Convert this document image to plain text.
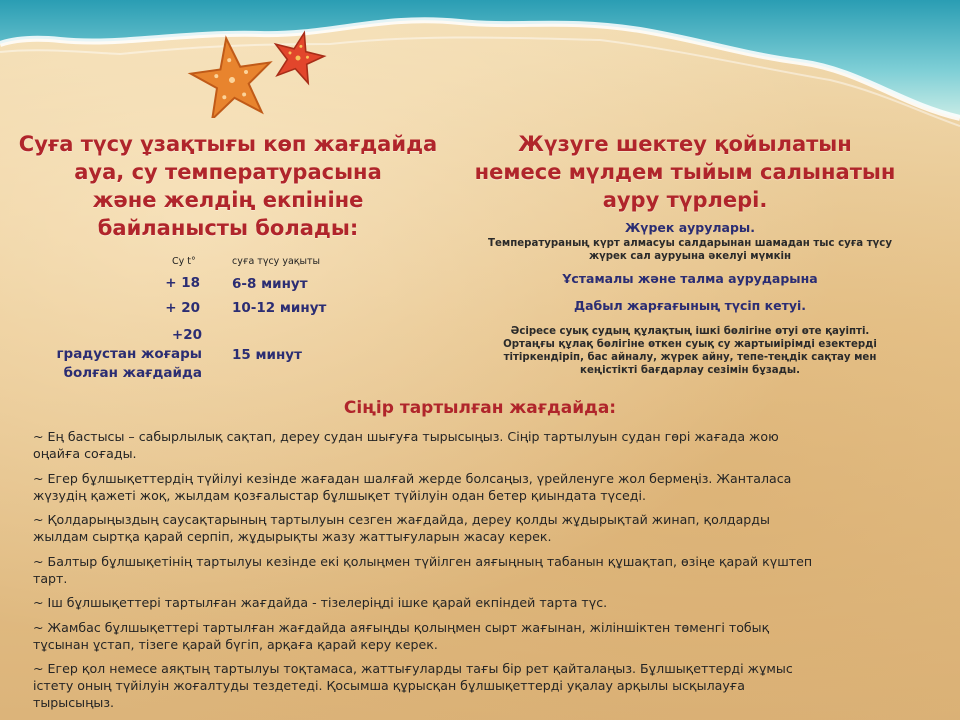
Суға түсу ұзақтығы көп жағдайда
ауа, су температурасына
және желдің екпініне
байланысты болады:
Су t°	суға түсу уақыты
+ 18 6-8 минут
+ 20 10-12 минут
+20
градустан жоғары
болған жағдайда
15 минут
Жүзуге шектеу қойылатын
немесе мүлдем тыйым салынатын
ауру түрлері.
Жүрек аурулары.
Температураның күрт алмасуы салдарынан шамадан тыс суға түсу
жүрек сал ауруына әкелуі мүмкін
Ұстамалы және талма аурударына
Дабыл жарғағының түсіп кетуі.
Әсіресе суық судың құлақтың ішкі бөлігіне өтуі өте қауіпті.
Ортаңғы құлақ бөлігіне өткен суық су жартыиірімді езектерді
тітіркендіріп, бас айналу, жүрек айну, тепе-теңдік сақтау мен
кеңістікті бағдарлау сезімін бұзады.
Сіңір тартылған жағдайда:
~ Ең бастысы – сабырлылық сақтап, дереу судан шығуға тырысыңыз. Сіңір тартылуын судан гөрі жағада жою
оңайға соғады.
~ Егер бұлшықеттердің түйілуі кезінде жағадан шалғай жерде болсаңыз, үрейленуге жол бермеңіз. Жанталаса
жүзудің қажеті жоқ, жылдам қозғалыстар бұлшықет түйілуін одан бетер қиындата түседі.
~ Қолдарыңыздың саусақтарының тартылуын сезген жағдайда, дереу қолды жұдырықтай жинап, қолдарды
жылдам сыртқа қарай серпіп, жұдырықты жазу жаттығуларын жасау керек.
~ Балтыр бұлшықетінің тартылуы кезінде екі қолыңмен түйілген аяғыңның табанын құшақтап, өзіңе қарай күштеп
тарт.
~ Іш бұлшықеттері тартылған жағдайда - тізелеріңді ішке қарай екпіндей тарта түс.
~ Жамбас бұлшықеттері тартылған жағдайда аяғыңды қолыңмен сырт жағынан, жіліншіктен төменгі тобық
тұсынан ұстап, тізеге қарай бүгіп, арқаға қарай керу керек.
~ Егер қол немесе аяқтың тартылуы тоқтамаса, жаттығуларды тағы бір рет қайталаңыз. Бұлшықеттерді жұмыс
істету оның түйілуін жоғалтуды тездетеді. Қосымша құрысқан бұлшықеттерді уқалау арқылы ысқылауға
тырысыңыз.
